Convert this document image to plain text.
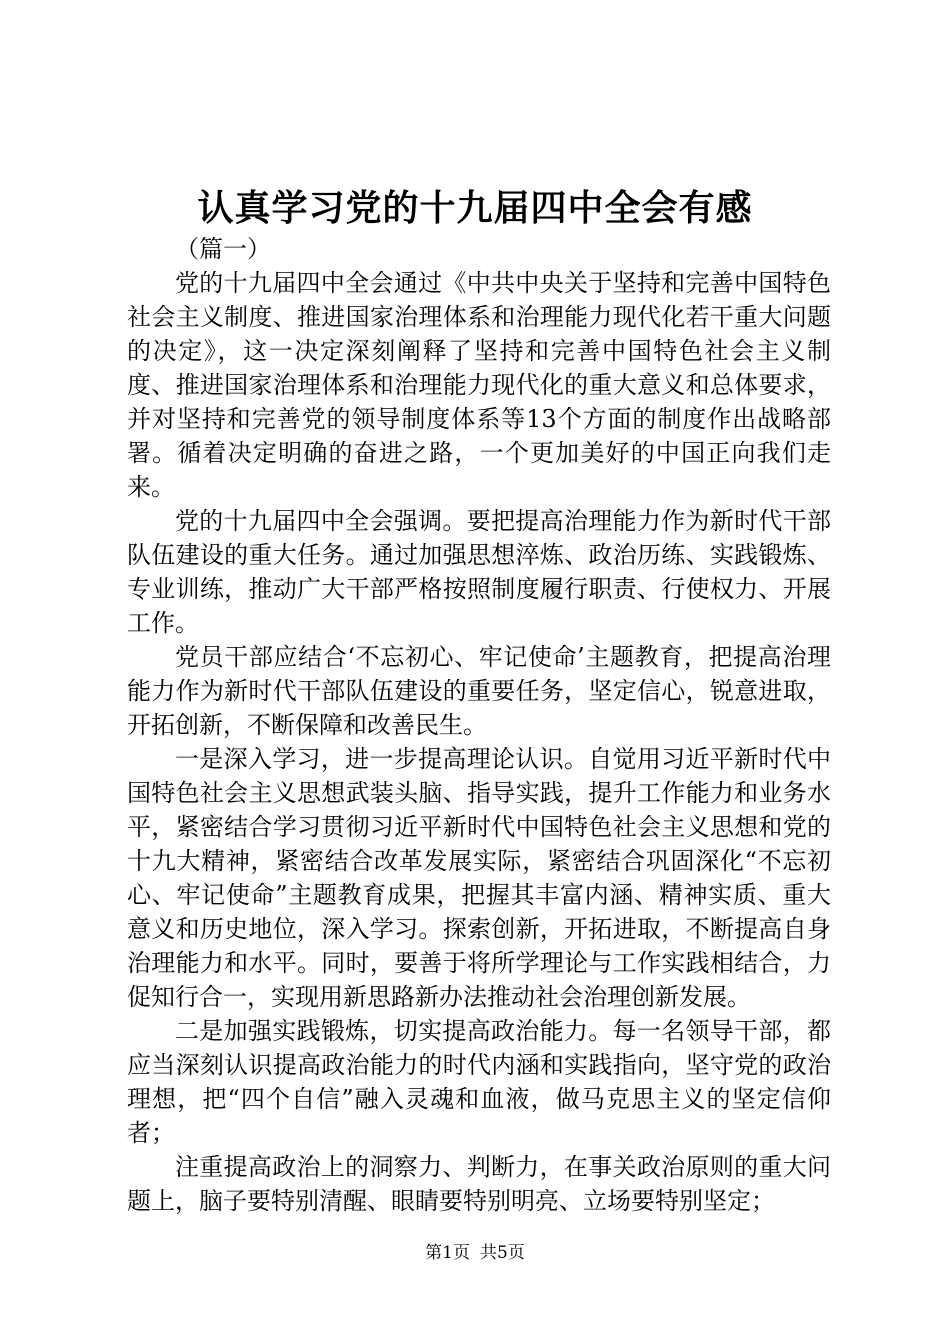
认真学习党的十九届四中全会有感
（篇一）

党的十九届四中全会通过《中共中央关于坚持和完善中国特色社会主义制度、推进国家治理体系和治理能力现代化若干重大问题的决定》，这一决定深刻阐释了坚持和完善中国特色社会主义制度、推进国家治理体系和治理能力现代化的重大意义和总体要求，并对坚持和完善党的领导制度体系等13个方面的制度作出战略部署。循着决定明确的奋进之路，一个更加美好的中国正向我们走来。

党的十九届四中全会强调。要把提高治理能力作为新时代干部队伍建设的重大任务。通过加强思想淬炼、政治历练、实践锻炼、专业训练，推动广大干部严格按照制度履行职责、行使权力、开展工作。

党员干部应结合‘不忘初心、牢记使命’主题教育，把提高治理能力作为新时代干部队伍建设的重要任务，坚定信心，锐意进取，开拓创新，不断保障和改善民生。

一是深入学习，进一步提高理论认识。自觉用习近平新时代中国特色社会主义思想武装头脑、指导实践，提升工作能力和业务水平，紧密结合学习贯彻习近平新时代中国特色社会主义思想和党的十九大精神，紧密结合改革发展实际，紧密结合巩固深化“不忘初心、牢记使命”主题教育成果，把握其丰富内涵、精神实质、重大意义和历史地位，深入学习。探索创新，开拓进取，不断提高自身治理能力和水平。同时，要善于将所学理论与工作实践相结合，力促知行合一，实现用新思路新办法推动社会治理创新发展。

二是加强实践锻炼，切实提高政治能力。每一名领导干部，都应当深刻认识提高政治能力的时代内涵和实践指向，坚守党的政治理想，把“四个自信”融入灵魂和血液，做马克思主义的坚定信仰者；

注重提高政治上的洞察力、判断力，在事关政治原则的重大问题上，脑子要特别清醒、眼睛要特别明亮、立场要特别坚定；

第1页 共5页
